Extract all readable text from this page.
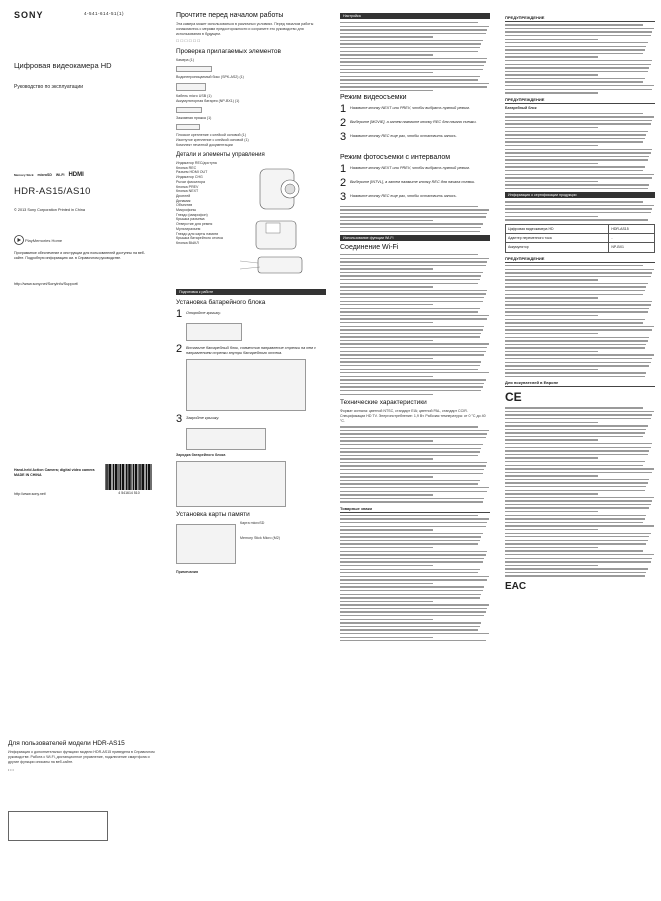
SONY	4-541-614-51(1)
Цифровая видеокамера HD
Руководство по эксплуатации
Memory Stick microSD Wi-Fi HDMI
HDR-AS15/AS10
© 2013 Sony Corporation Printed in China
PlayMemories Home
Программное обеспечение и инструкции для пользователей доступны на веб-сайте. Подробную информацию см. в Справочном руководстве.
http://www.sony.net/SonyInfo/Support/
Hand-held Action Camera; digital video camera MADE IN CHINA
4 541614 510
http://www.sony.net/
Для пользователей модели HDR-AS15
Информация о дополнительных функциях модели HDR-AS15 приведена в Справочном руководстве. Работа с Wi-Fi, дистанционное управление, подключение смартфона и другие функции описаны на веб-сайте.
• • •
Прочтите перед началом работы
Эта камера может использоваться в различных условиях. Перед началом работы ознакомьтесь с мерами предосторожности и сохраните это руководство для использования в будущем.
☐ ☐ ☐ ☐ ☐ ☐
Проверка прилагаемых элементов
Камера (1)
Водонепроницаемый бокс (SPK-AS2) (1)
Кабель micro USB (1)
Аккумуляторная батарея (NP-BX1) (1)
Зажимная пряжка (1)
Плоское крепление с клейкой основой (1)
Изогнутое крепление с клейкой основой (1)
Комплект печатной документации
Детали и элементы управления
Индикатор REC/доступа
Кнопка REC
Разъем HDMI OUT
Индикатор CHG
Рычаг фиксатора
Кнопка PREV
Кнопка NEXT
Дисплей
Динамик
Объектив
Микрофоны
Гнездо (микрофон)
Крышка разъема
Отверстие для ремня
Мультиразъем
Гнездо для карты памяти
Крышка батарейного отсека
Кнопка ВЫКЛ
Подготовка к работе
Установка батарейного блока
1	Откройте крышку.
2	Вставьте батарейный блок, совместив направление стрелки на нем с направлением стрелки внутри батарейного отсека.
3	Закройте крышку.
Зарядка батарейного блока
Установка карты памяти
Карта microSD
Memory Stick Micro (M2)
Примечания
Настройка
Режим видеосъемки
1	Нажмите кнопку NEXT или PREV, чтобы выбрать нужный режим.
2	Выберите [MOVIE], а затем нажмите кнопку REC для начала съемки.
3	Нажмите кнопку REC еще раз, чтобы остановить запись.
Режим фотосъемки с интервалом
1	Нажмите кнопку NEXT или PREV, чтобы выбрать нужный режим.
2	Выберите [INTVL], а затем нажмите кнопку REC для начала съемки.
3	Нажмите кнопку REC еще раз, чтобы остановить запись.
Использование функции Wi-Fi
Соединение Wi-Fi
Технические характеристики
Формат сигнала: цветной NTSC, стандарт EIA; цветной PAL, стандарт CCIR. Спецификации HD TV. Энергопотребление: 1,9 Вт. Рабочая температура: от 0 °C до 40 °C.
Товарные знаки
ПРЕДУПРЕЖДЕНИЕ
ПРЕДУПРЕЖДЕНИЕ
Батарейный блок
Информация о сертификации продукции
Цифровая видеокамера HD	HDR-AS15
Адаптер переменного тока	-
Аккумулятор	NP-BX1
ПРЕДУПРЕЖДЕНИЕ
Для покупателей в Европе
CE
EAC
